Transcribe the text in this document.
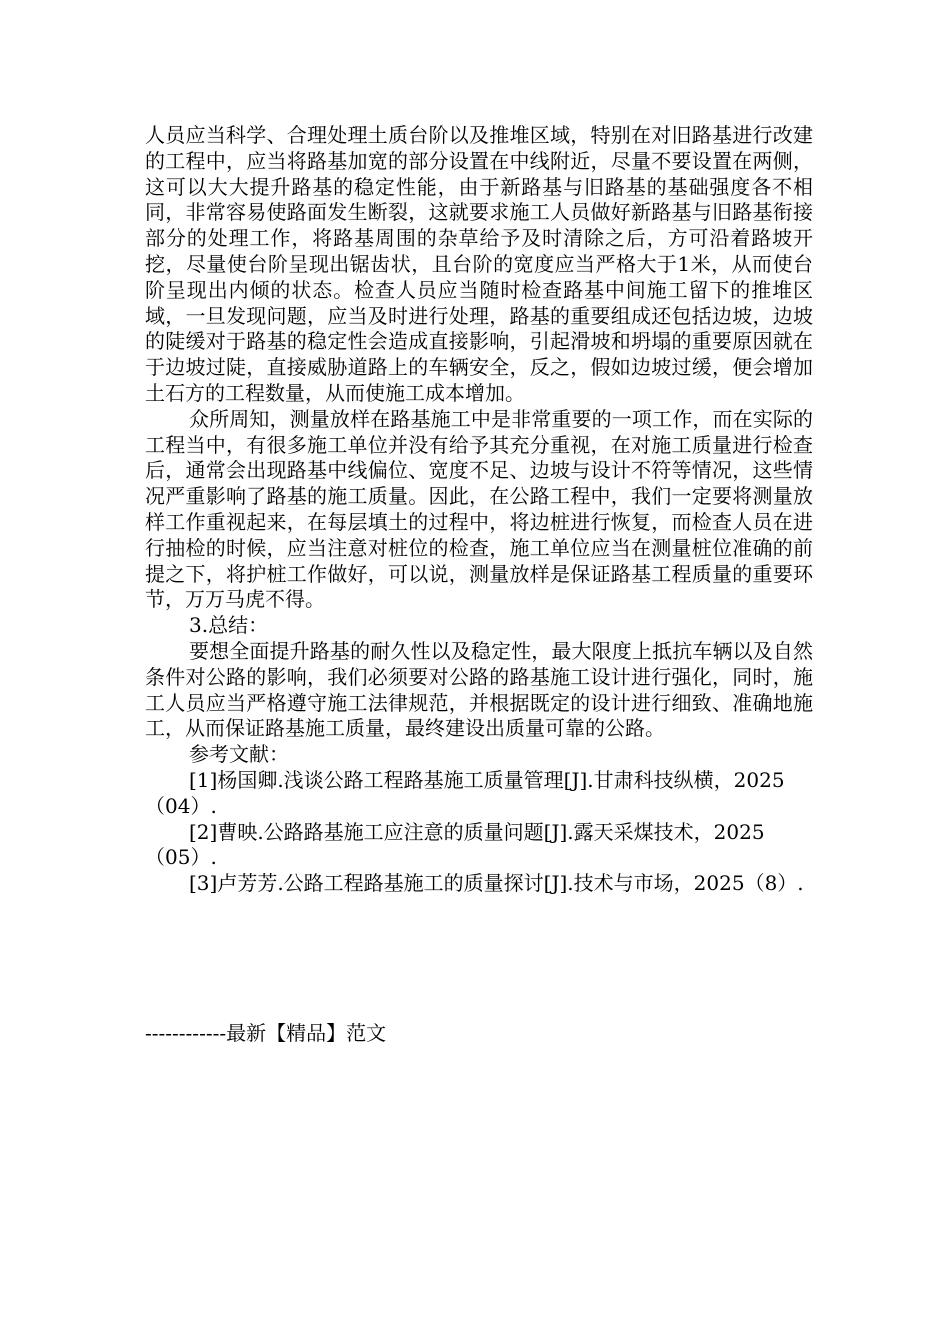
人员应当科学、合理处理土质台阶以及推堆区域，特别在对旧路基进行改建的工程中，应当将路基加宽的部分设置在中线附近，尽量不要设置在两侧，这可以大大提升路基的稳定性能，由于新路基与旧路基的基础强度各不相同，非常容易使路面发生断裂，这就要求施工人员做好新路基与旧路基衔接部分的处理工作，将路基周围的杂草给予及时清除之后，方可沿着路坡开挖，尽量使台阶呈现出锯齿状，且台阶的宽度应当严格大于1米，从而使台阶呈现出内倾的状态。检查人员应当随时检查路基中间施工留下的推堆区域，一旦发现问题，应当及时进行处理，路基的重要组成还包括边坡，边坡的陡缓对于路基的稳定性会造成直接影响，引起滑坡和坍塌的重要原因就在于边坡过陡，直接威胁道路上的车辆安全，反之，假如边坡过缓，便会增加土石方的工程数量，从而使施工成本增加。

众所周知，测量放样在路基施工中是非常重要的一项工作，而在实际的工程当中，有很多施工单位并没有给予其充分重视，在对施工质量进行检查后，通常会出现路基中线偏位、宽度不足、边坡与设计不符等情况，这些情况严重影响了路基的施工质量。因此，在公路工程中，我们一定要将测量放样工作重视起来，在每层填土的过程中，将边桩进行恢复，而检查人员在进行抽检的时候，应当注意对桩位的检查，施工单位应当在测量桩位准确的前提之下，将护桩工作做好，可以说，测量放样是保证路基工程质量的重要环节，万万马虎不得。

3.总结：

要想全面提升路基的耐久性以及稳定性，最大限度上抵抗车辆以及自然条件对公路的影响，我们必须要对公路的路基施工设计进行强化，同时，施工人员应当严格遵守施工法律规范，并根据既定的设计进行细致、准确地施工，从而保证路基施工质量，最终建设出质量可靠的公路。

参考文献：

[1]杨国卿.浅谈公路工程路基施工质量管理[J].甘肃科技纵横，2025（04）.

[2]曹映.公路路基施工应注意的质量问题[J].露天采煤技术，2025（05）.

[3]卢芳芳.公路工程路基施工的质量探讨[J].技术与市场，2025（8）.

------------最新【精品】范文
